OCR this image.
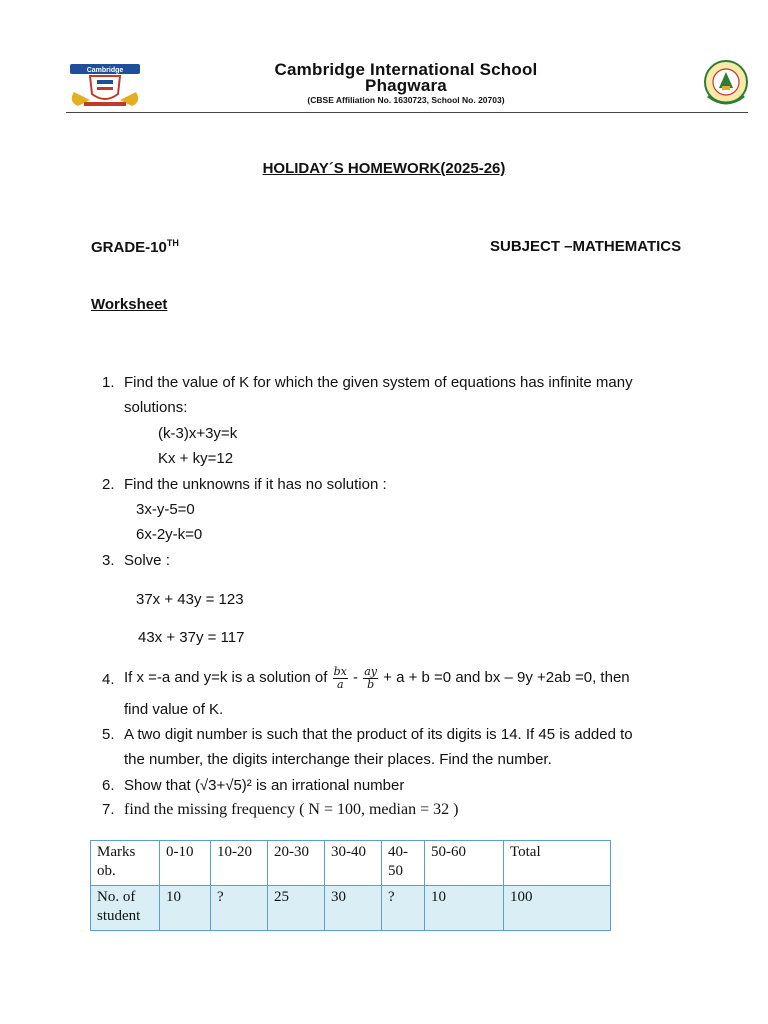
Cambridge	Cambridge International School
Phagwara
(CBSE Affiliation No. 1630723, School No. 20703)
HOLIDAY´S HOMEWORK(2025-26)
GRADE-10TH	SUBJECT –MATHEMATICS
Worksheet
1. Find the value of K for which the given system of equations has infinite many
solutions:
(k-3)x+3y=k
Kx + ky=12
2. Find the unknowns if it has no solution :
3x-y-5=0
6x-2y-k=0
3. Solve :
37x + 43y = 123
43x + 37y = 117
4. If x =-a and y=k is a solution of $\frac{bx}{a} - \frac{ay}{b} + a + b =0$ and bx – 9y +2ab =0, then
find value of K.
5. A two digit number is such that the product of its digits is 14. If 45 is added to
the number, the digits interchange their places. Find the number.
6. Show that (√3+√5)² is an irrational number
7. find the missing frequency ( N = 100, median = 32 )
Marks ob.	0-10	10-20	20-30	30-40	40-50	50-60	Total
No. of student	10	?	25	30	?	10	100
